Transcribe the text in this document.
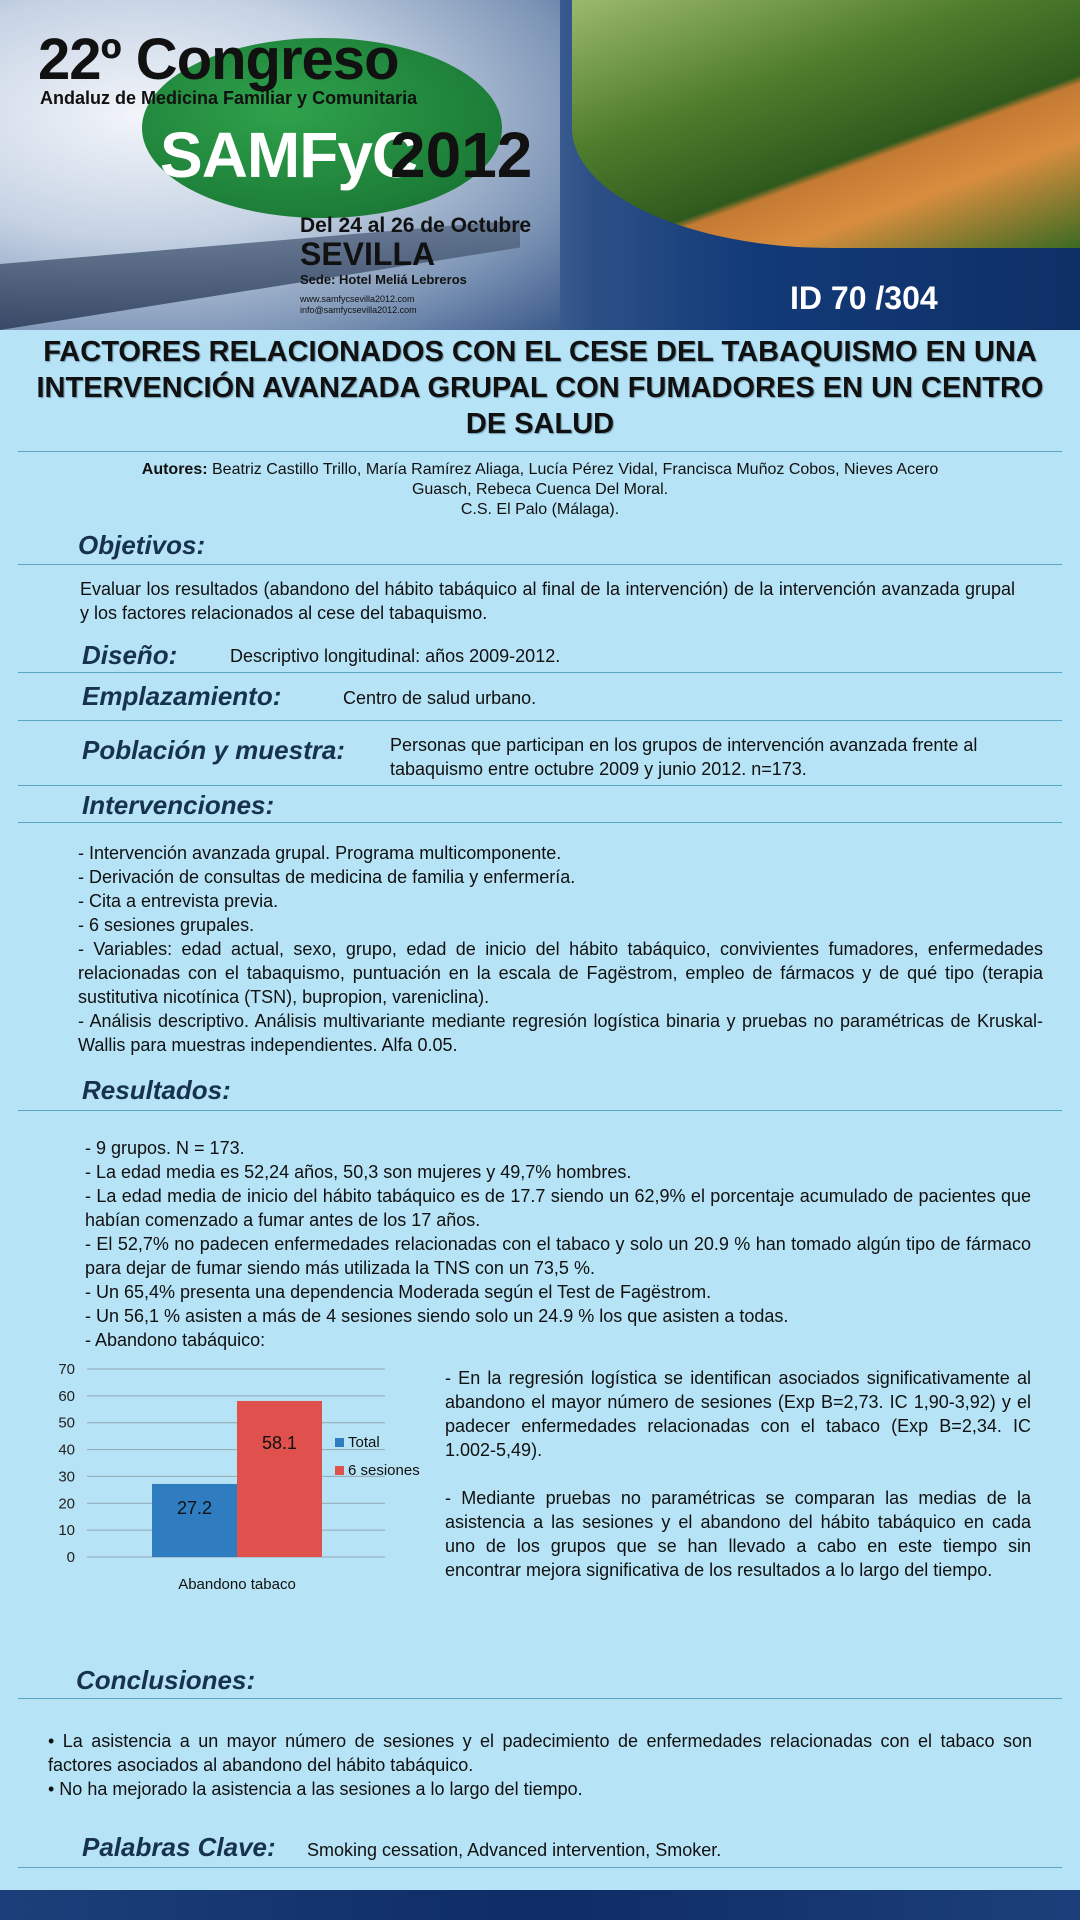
22º Congreso
Andaluz de Medicina Familiar y Comunitaria
SAMFyC
2012
Del 24 al 26 de Octubre
SEVILLA
Sede: Hotel Meliá Lebreros
www.samfycsevilla2012.com
info@samfycsevilla2012.com	ID 70 /304
FACTORES RELACIONADOS CON EL CESE DEL TABAQUISMO EN UNA INTERVENCIÓN AVANZADA GRUPAL CON FUMADORES EN UN CENTRO DE SALUD
Autores: Beatriz Castillo Trillo, María Ramírez Aliaga, Lucía Pérez Vidal, Francisca Muñoz Cobos, Nieves Acero Guasch, Rebeca Cuenca Del Moral.
C.S. El Palo (Málaga).
Objetivos:
Evaluar los resultados (abandono del hábito tabáquico al final de la intervención) de la intervención avanzada grupal y los factores relacionados al cese del tabaquismo.
Diseño:	Descriptivo longitudinal: años 2009-2012.
Emplazamiento:	Centro de salud urbano.
Población y muestra:	Personas que participan en los grupos de intervención avanzada frente al tabaquismo entre octubre 2009 y junio 2012. n=173.
Intervenciones:

- Intervención avanzada grupal. Programa multicomponente.

- Derivación de consultas de medicina de familia y enfermería.

- Cita a entrevista previa.

- 6 sesiones grupales.

- Variables: edad actual, sexo, grupo, edad de inicio del hábito tabáquico, convivientes fumadores, enfermedades relacionadas con el tabaquismo, puntuación en la escala de Fagëstrom, empleo de fármacos y de qué tipo (terapia sustitutiva nicotínica (TSN), bupropion, vareniclina).

- Análisis descriptivo. Análisis multivariante mediante regresión logística binaria y pruebas no paramétricas de Kruskal-Wallis para muestras independientes. Alfa 0.05.

Resultados:

- 9 grupos. N = 173.

- La edad media es 52,24 años, 50,3 son mujeres y 49,7% hombres.

- La edad media de inicio del hábito tabáquico es de 17.7 siendo un 62,9% el porcentaje acumulado de pacientes que habían comenzado a fumar antes de los 17 años.

- El 52,7% no padecen enfermedades relacionadas con el tabaco y solo un 20.9 % han tomado algún tipo de fármaco para dejar de fumar siendo más utilizada la TNS con un 73,5 %.

- Un 65,4% presenta una dependencia Moderada según el Test de Fagëstrom.

- Un 56,1 % asisten a más de 4 sesiones siendo solo un 24.9 % los que asisten a todas.

- Abandono tabáquico:

0
10
20
30
40
50
60
70
27.2
58.1
Abandono tabaco
Total
6 sesiones

- En la regresión logística se identifican asociados significativamente al abandono el mayor número de sesiones (Exp B=2,73. IC 1,90-3,92) y el padecer enfermedades relacionadas con el tabaco (Exp B=2,34. IC 1.002-5,49).

- Mediante pruebas no paramétricas se comparan las medias de la asistencia a las sesiones y el abandono del hábito tabáquico en cada uno de los grupos que se han llevado a cabo en este tiempo sin encontrar mejora significativa de los resultados a lo largo del tiempo.

Conclusiones:

• La asistencia a un mayor número de sesiones y el padecimiento de enfermedades relacionadas con el tabaco son factores asociados al abandono del hábito tabáquico.

• No ha mejorado la asistencia a las sesiones a lo largo del tiempo.

Palabras Clave: Smoking cessation, Advanced intervention, Smoker.
